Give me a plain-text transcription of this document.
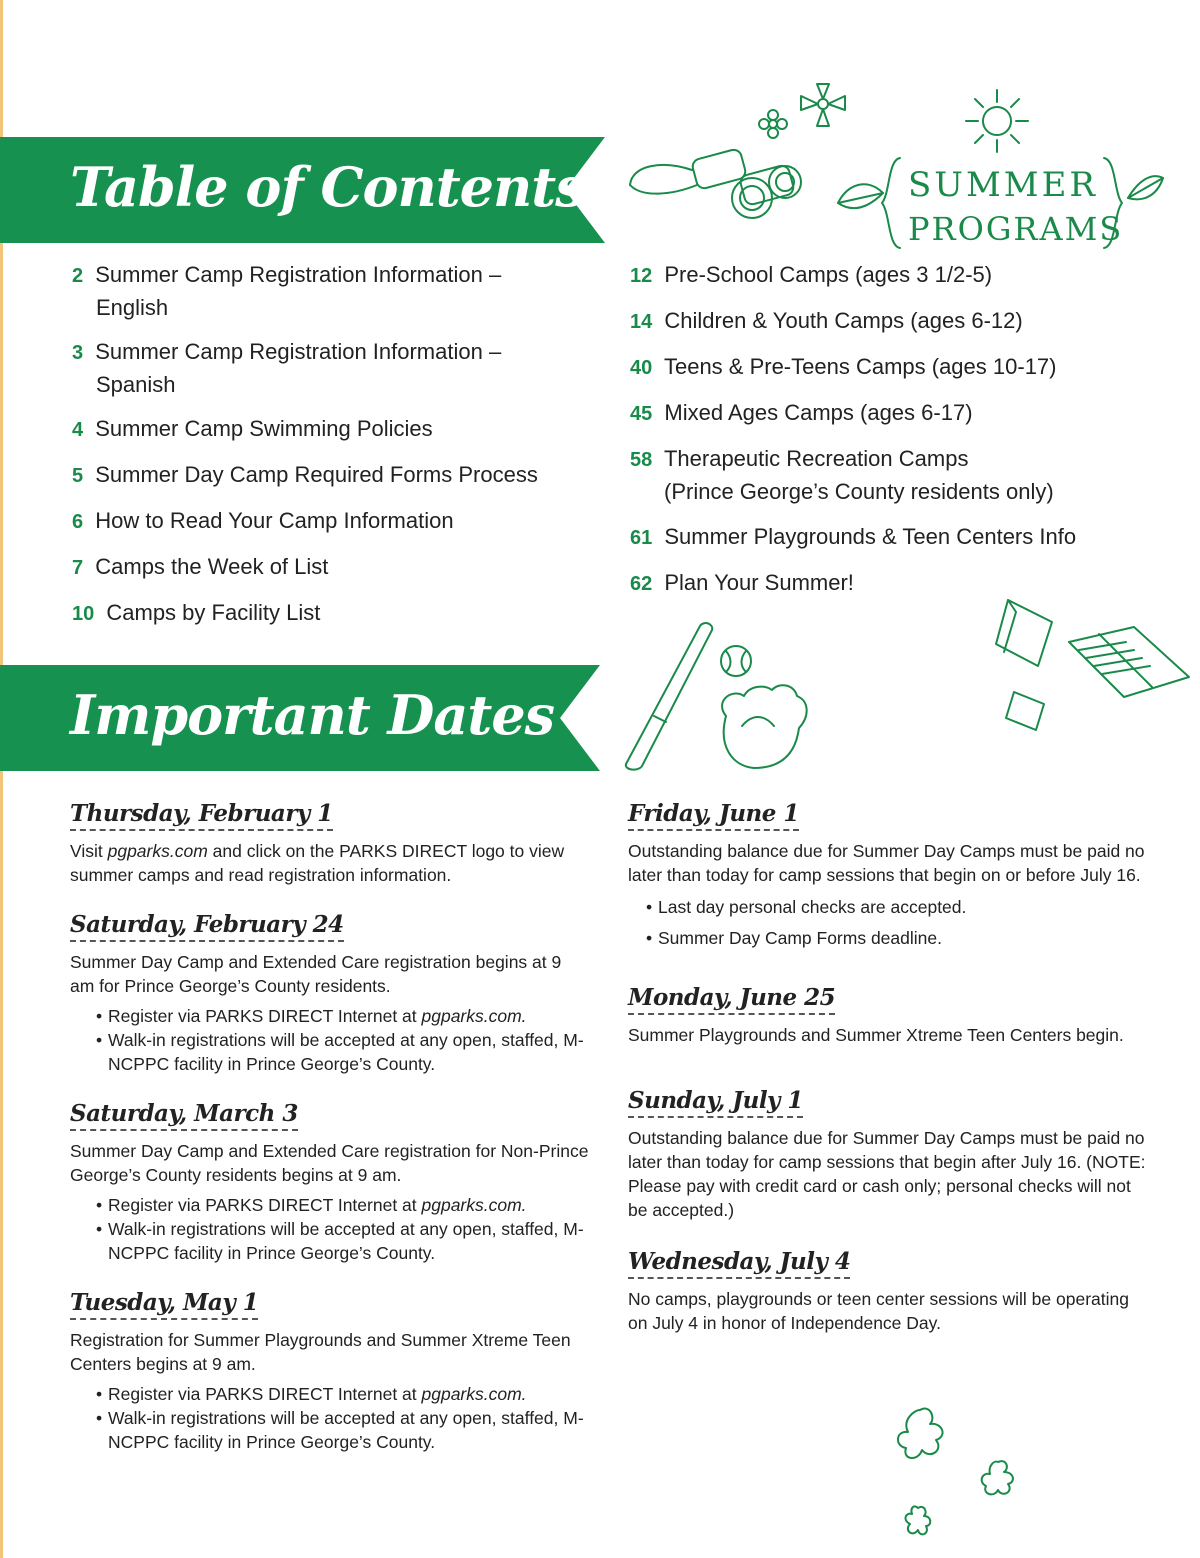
Table of Contents
2 Summer Camp Registration Information –
English
3 Summer Camp Registration Information –
Spanish
4 Summer Camp Swimming Policies
5 Summer Day Camp Required Forms Process
6 How to Read Your Camp Information
7 Camps the Week of List
10 Camps by Facility List
12 Pre-School Camps (ages 3 1/2-5)
14 Children & Youth Camps (ages 6-12)
40 Teens & Pre-Teens Camps (ages 10-17)
45 Mixed Ages Camps (ages 6-17)
58 Therapeutic Recreation Camps
(Prince George’s County residents only)
61 Summer Playgrounds & Teen Centers Info
62 Plan Your Summer!
SUMMER
PROGRAMS
Important Dates
Thursday, February 1

Visit pgparks.com and click on the PARKS DIRECT logo to view summer camps and read registration information.

Saturday, February 24

Summer Day Camp and Extended Care registration begins at 9 am for Prince George’s County residents.

• Register via PARKS DIRECT Internet at pgparks.com.
• Walk-in registrations will be accepted at any open, staffed, M-NCPPC facility in Prince George’s County.
Saturday, March 3

Summer Day Camp and Extended Care registration for Non-Prince George’s County residents begins at 9 am.

• Register via PARKS DIRECT Internet at pgparks.com.
• Walk-in registrations will be accepted at any open, staffed, M-NCPPC facility in Prince George’s County.
Tuesday, May 1

Registration for Summer Playgrounds and Summer Xtreme Teen Centers begins at 9 am.

• Register via PARKS DIRECT Internet at pgparks.com.
• Walk-in registrations will be accepted at any open, staffed, M-NCPPC facility in Prince George’s County.
Friday, June 1

Outstanding balance due for Summer Day Camps must be paid no later than today for camp sessions that begin on or before July 16.

• Last day personal checks are accepted.
• Summer Day Camp Forms deadline.
Monday, June 25

Summer Playgrounds and Summer Xtreme Teen Centers begin.

Sunday, July 1

Outstanding balance due for Summer Day Camps must be paid no later than today for camp sessions that begin after July 16. (NOTE: Please pay with credit card or cash only; personal checks will not be accepted.)

Wednesday, July 4

No camps, playgrounds or teen center sessions will be operating on July 4 in honor of Independence Day.
